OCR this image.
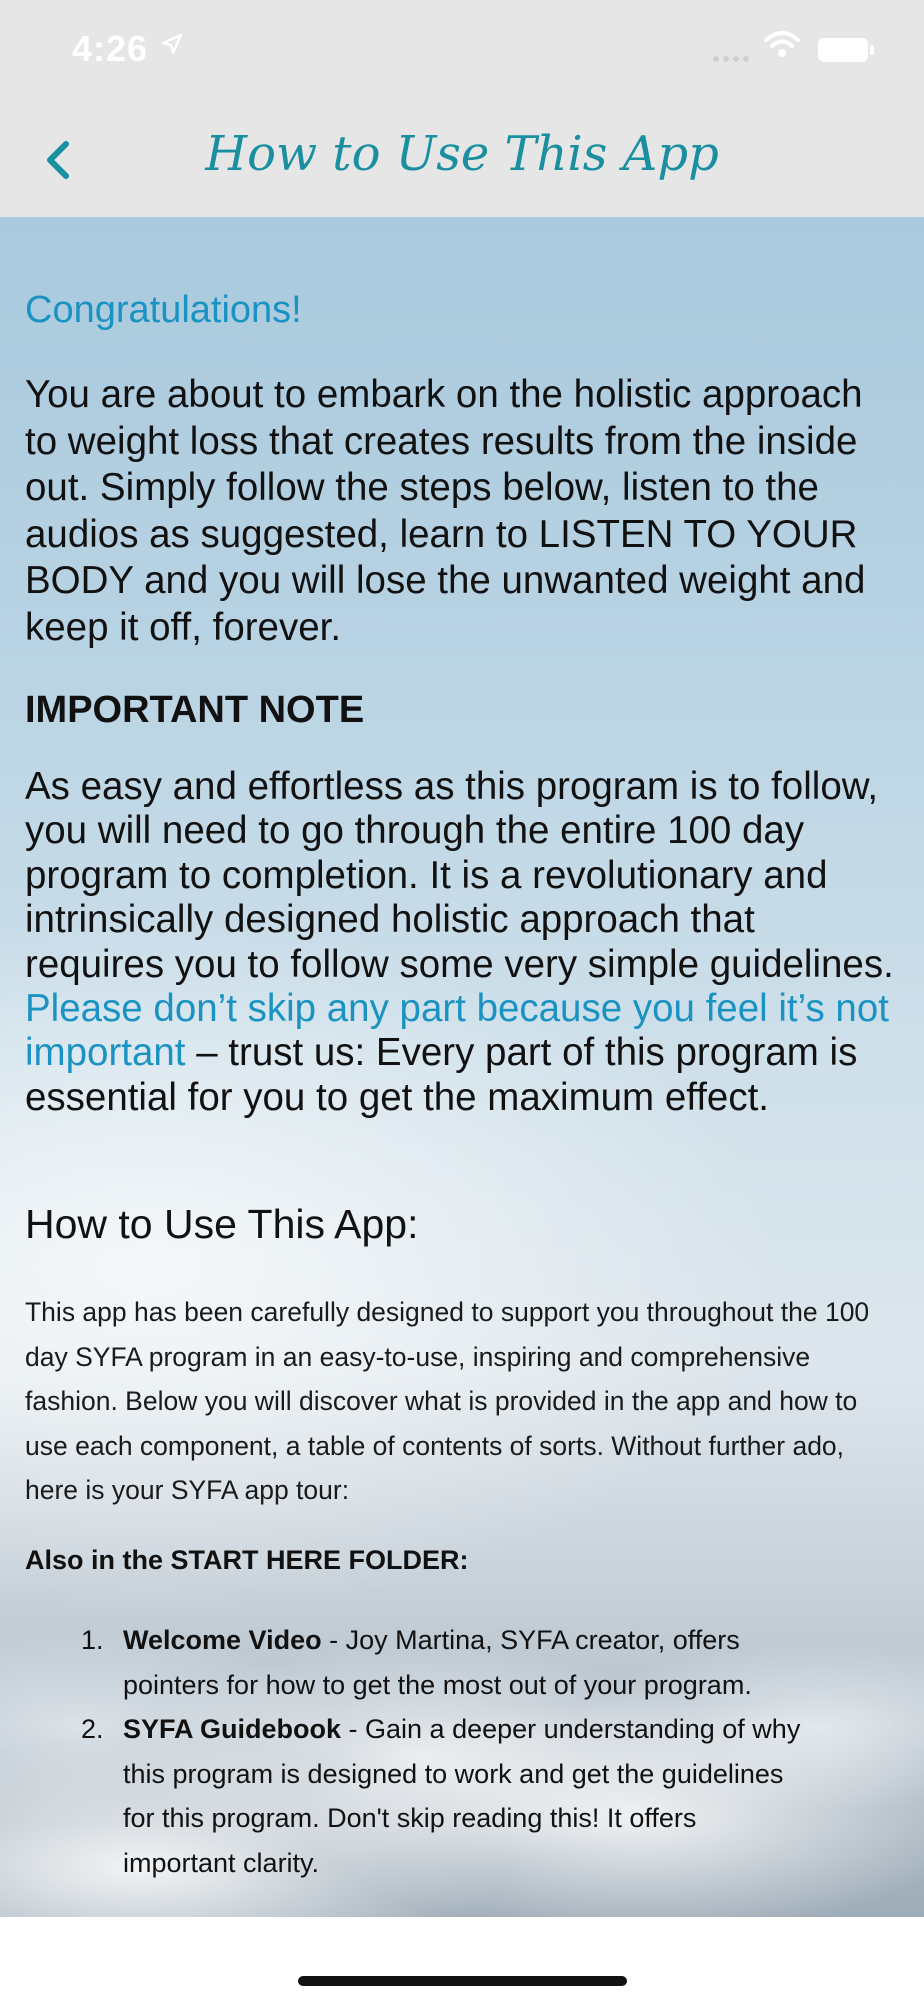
4:26
How to Use This App
Congratulations!
You are about to embark on the holistic approach to weight loss that creates results from the inside out. Simply follow the steps below, listen to the audios as suggested, learn to LISTEN TO YOUR BODY and you will lose the unwanted weight and keep it off, forever.
IMPORTANT NOTE
As easy and effortless as this program is to follow, you will need to go through the entire 100 day program to completion. It is a revolutionary and intrinsically designed holistic approach that requires you to follow some very simple guidelines. Please don’t skip any part because you feel it’s not important – trust us: Every part of this program is essential for you to get the maximum effect.
How to Use This App:
This app has been carefully designed to support you throughout the 100 day SYFA program in an easy-to-use, inspiring and comprehensive fashion. Below you will discover what is provided in the app and how to use each component, a table of contents of sorts. Without further ado, here is your SYFA app tour:
Also in the START HERE FOLDER:
1. Welcome Video - Joy Martina, SYFA creator, offers pointers for how to get the most out of your program.
2. SYFA Guidebook - Gain a deeper understanding of why this program is designed to work and get the guidelines for this program. Don't skip reading this! It offers important clarity.
